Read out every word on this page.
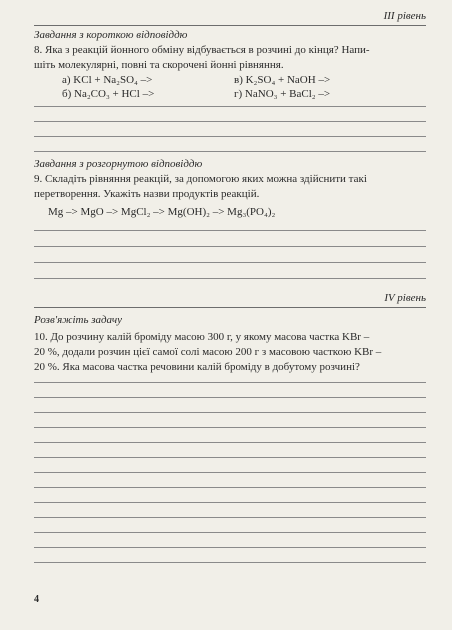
III рівень
Завдання з короткою відповіддю
8. Яка з реакцій йонного обміну відбувається в розчині до кінця? Напи-
шіть молекулярні, повні та скорочені йонні рівняння.
а) KCl + Na₂SO₄ –>	в) K₂SO₄ + NaOH –>
б) Na₂CO₃ + HCl –>	г) NaNO₃ + BaCl₂ –>
Завдання з розгорнутою відповіддю
9. Складіть рівняння реакцій, за допомогою яких можна здійснити такі
перетворення. Укажіть назви продуктів реакцій.
Mg –> MgO –> MgCl₂ –> Mg(OH)₂ –> Mg₃(PO₄)₂
IV рівень
Розв'яжіть задачу
10. До розчину калій броміду масою 300 г, у якому масова частка KBr –
20 %, додали розчин цієї самої солі масою 200 г з масовою часткою KBr –
20 %. Яка масова частка речовини калій броміду в добутому розчині?
4
